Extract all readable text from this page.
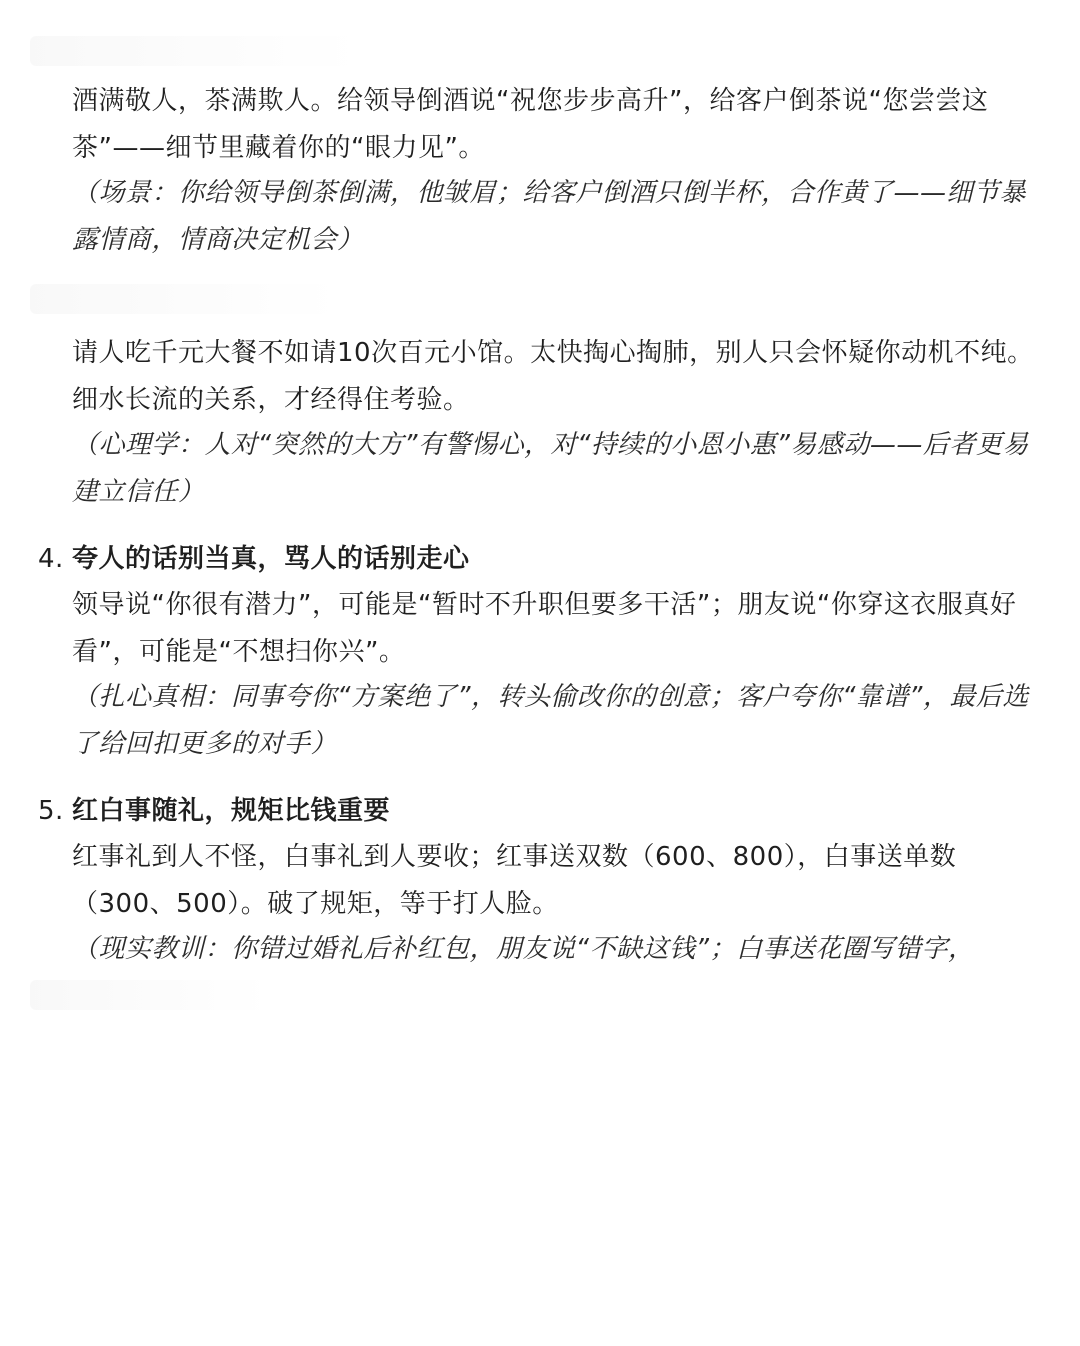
酒满敬人，茶满欺人。给领导倒酒说“祝您步步高升”，给客户倒茶说“您尝尝这茶”——细节里藏着你的“眼力见”。

（场景：你给领导倒茶倒满，他皱眉；给客户倒酒只倒半杯，合作黄了——细节暴露情商，情商决定机会）

请人吃千元大餐不如请10次百元小馆。太快掏心掏肺，别人只会怀疑你动机不纯。细水长流的关系，才经得住考验。

（心理学：人对“突然的大方”有警惕心，对“持续的小恩小惠”易感动——后者更易建立信任）

4. 夸人的话别当真，骂人的话别走心

领导说“你很有潜力”，可能是“暂时不升职但要多干活”；朋友说“你穿这衣服真好看”，可能是“不想扫你兴”。

（扎心真相：同事夸你“方案绝了”，转头偷改你的创意；客户夸你“靠谱”，最后选了给回扣更多的对手）

5. 红白事随礼，规矩比钱重要

红事礼到人不怪，白事礼到人要收；红事送双数（600、800），白事送单数（300、500）。破了规矩，等于打人脸。

（现实教训：你错过婚礼后补红包，朋友说“不缺这钱”；白事送花圈写错字，
